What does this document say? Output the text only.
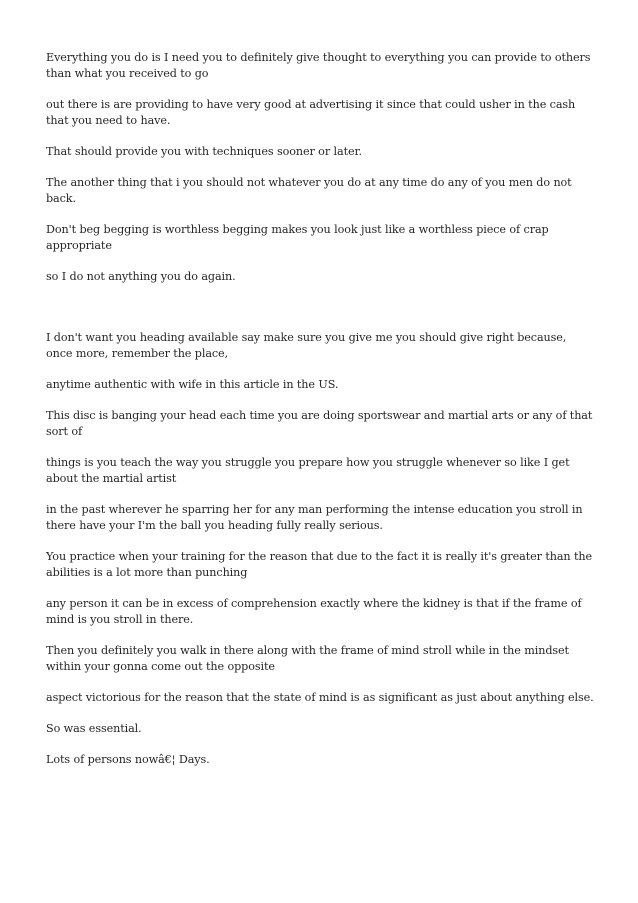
Everything you do is I need you to definitely give thought to everything you can provide to others than what you received to go

out there is are providing to have very good at advertising it since that could usher in the cash that you need to have.

That should provide you with techniques sooner or later.

The another thing that i you should not whatever you do at any time do any of you men do not back.

Don't beg begging is worthless begging makes you look just like a worthless piece of crap appropriate

so I do not anything you do again.

I don't want you heading available say make sure you give me you should give right because, once more, remember the place,

anytime authentic with wife in this article in the US.

This disc is banging your head each time you are doing sportswear and martial arts or any of that sort of

things is you teach the way you struggle you prepare how you struggle whenever so like I get about the martial artist

in the past wherever he sparring her for any man performing the intense education you stroll in there have your I'm the ball you heading fully really serious.

You practice when your training for the reason that due to the fact it is really it's greater than the abilities is a lot more than punching

any person it can be in excess of comprehension exactly where the kidney is that if the frame of mind is you stroll in there.

Then you definitely you walk in there along with the frame of mind stroll while in the mindset within your gonna come out the opposite

aspect victorious for the reason that the state of mind is as significant as just about anything else.

So was essential.

Lots of persons nowâ€¦ Days.
